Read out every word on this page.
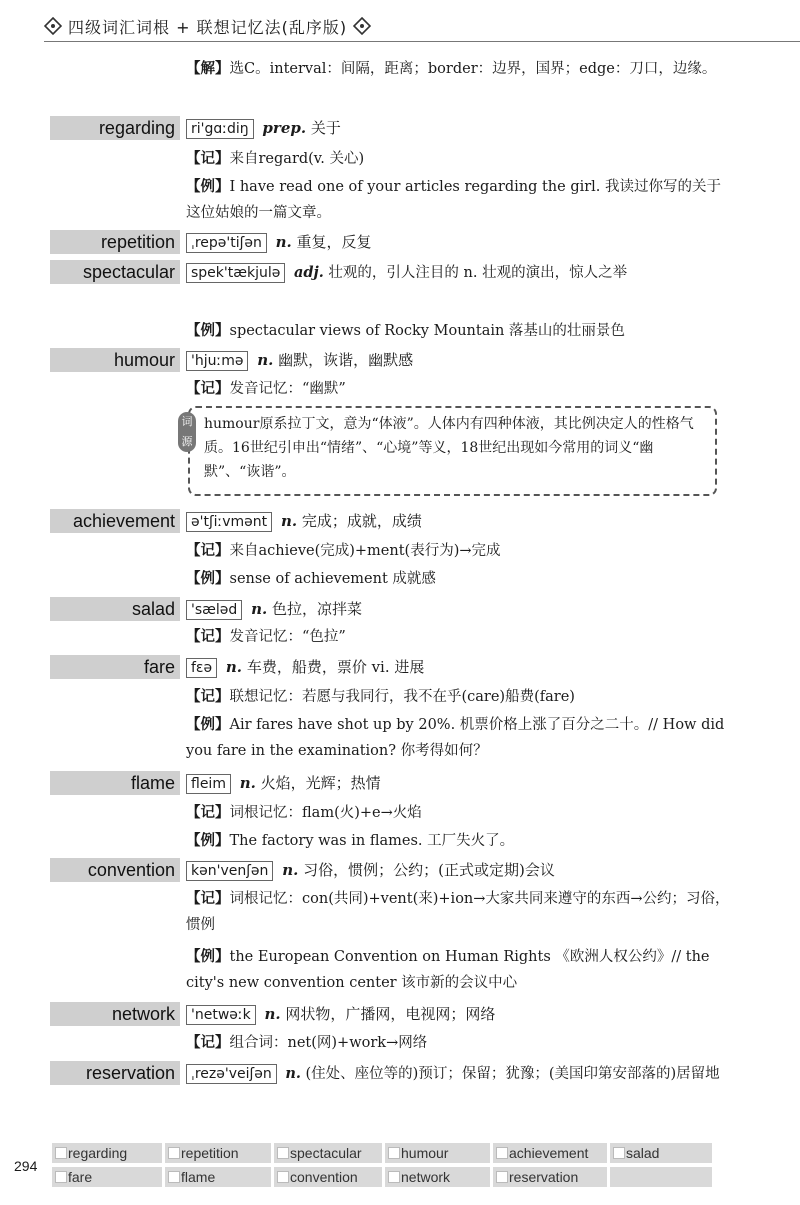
四级词汇词根 + 联想记忆法(乱序版)
【解】选C。interval：间隔，距离；border：边界，国界；edge：刀口，边缘。
regarding	ri'gɑːdiŋ prep. 关于
【记】来自regard(v. 关心)
【例】I have read one of your articles regarding the girl. 我读过你写的关于这位姑娘的一篇文章。
repetition	ˌrepə'tiʃən n. 重复，反复
spectacular	spek'tækjulə adj. 壮观的，引人注目的 n. 壮观的演出，惊人之举
【例】spectacular views of Rocky Mountain 落基山的壮丽景色
humour	'hjuːmə n. 幽默，诙谐，幽默感
【记】发音记忆：“幽默”
词源
humour原系拉丁文，意为“体液”。人体内有四种体液，其比例决定人的性格气质。16世纪引申出“情绪”、“心境”等义，18世纪出现如今常用的词义“幽默”、“诙谐”。
achievement	ə'tʃiːvmənt n. 完成；成就，成绩
【记】来自achieve(完成)+ment(表行为)→完成
【例】sense of achievement 成就感
salad	'sæləd n. 色拉，凉拌菜
【记】发音记忆：“色拉”
fare	fɛə n. 车费，船费，票价 vi. 进展
【记】联想记忆：若愿与我同行，我不在乎(care)船费(fare)
【例】Air fares have shot up by 20%. 机票价格上涨了百分之二十。// How did you fare in the examination? 你考得如何？
flame	fleim n. 火焰，光辉；热情
【记】词根记忆：flam(火)+e→火焰
【例】The factory was in flames. 工厂失火了。
convention	kən'venʃən n. 习俗，惯例；公约；(正式或定期)会议
【记】词根记忆：con(共同)+vent(来)+ion→大家共同来遵守的东西→公约；习俗，惯例
【例】the European Convention on Human Rights 《欧洲人权公约》// the city's new convention center 该市新的会议中心
network	'netwəːk n. 网状物，广播网，电视网；网络
【记】组合词：net(网)+work→网络
reservation	ˌrezə'veiʃən n. (住处、座位等的)预订；保留；犹豫；(美国印第安部落的)居留地
294
regarding	repetition	spectacular	humour	achievement	salad
fare	flame	convention	network	reservation
